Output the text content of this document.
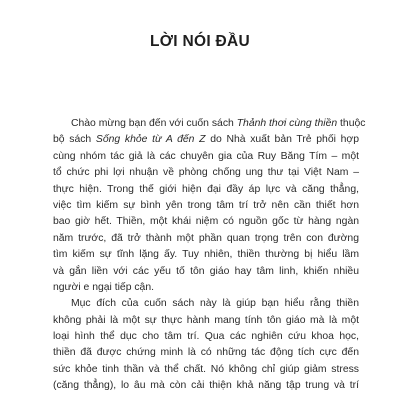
LỜI NÓI ĐẦU
Chào mừng bạn đến với cuốn sách Thảnh thơi cùng thiền thuộc
bộ sách Sống khỏe từ A đến Z do Nhà xuất bản Trẻ phối hợp
cùng nhóm tác giả là các chuyên gia của Ruy Băng Tím – một
tổ chức phi lợi nhuận về phòng chống ung thư tại Việt Nam –
thực hiện. Trong thế giới hiện đại đầy áp lực và căng thẳng,
việc tìm kiếm sự bình yên trong tâm trí trở nên cần thiết hơn
bao giờ hết. Thiền, một khái niệm có nguồn gốc từ hàng ngàn
năm trước, đã trở thành một phần quan trọng trên con đường
tìm kiếm sự tĩnh lặng ấy. Tuy nhiên, thiền thường bị hiểu lầm
và gắn liền với các yếu tố tôn giáo hay tâm linh, khiến nhiều
người e ngại tiếp cận.
Mục đích của cuốn sách này là giúp bạn hiểu rằng thiền
không phải là một sự thực hành mang tính tôn giáo mà là một
loại hình thể dục cho tâm trí. Qua các nghiên cứu khoa học,
thiền đã được chứng minh là có những tác động tích cực đến
sức khỏe tinh thần và thể chất. Nó không chỉ giúp giảm stress
(căng thẳng), lo âu mà còn cải thiện khả năng tập trung và trí
